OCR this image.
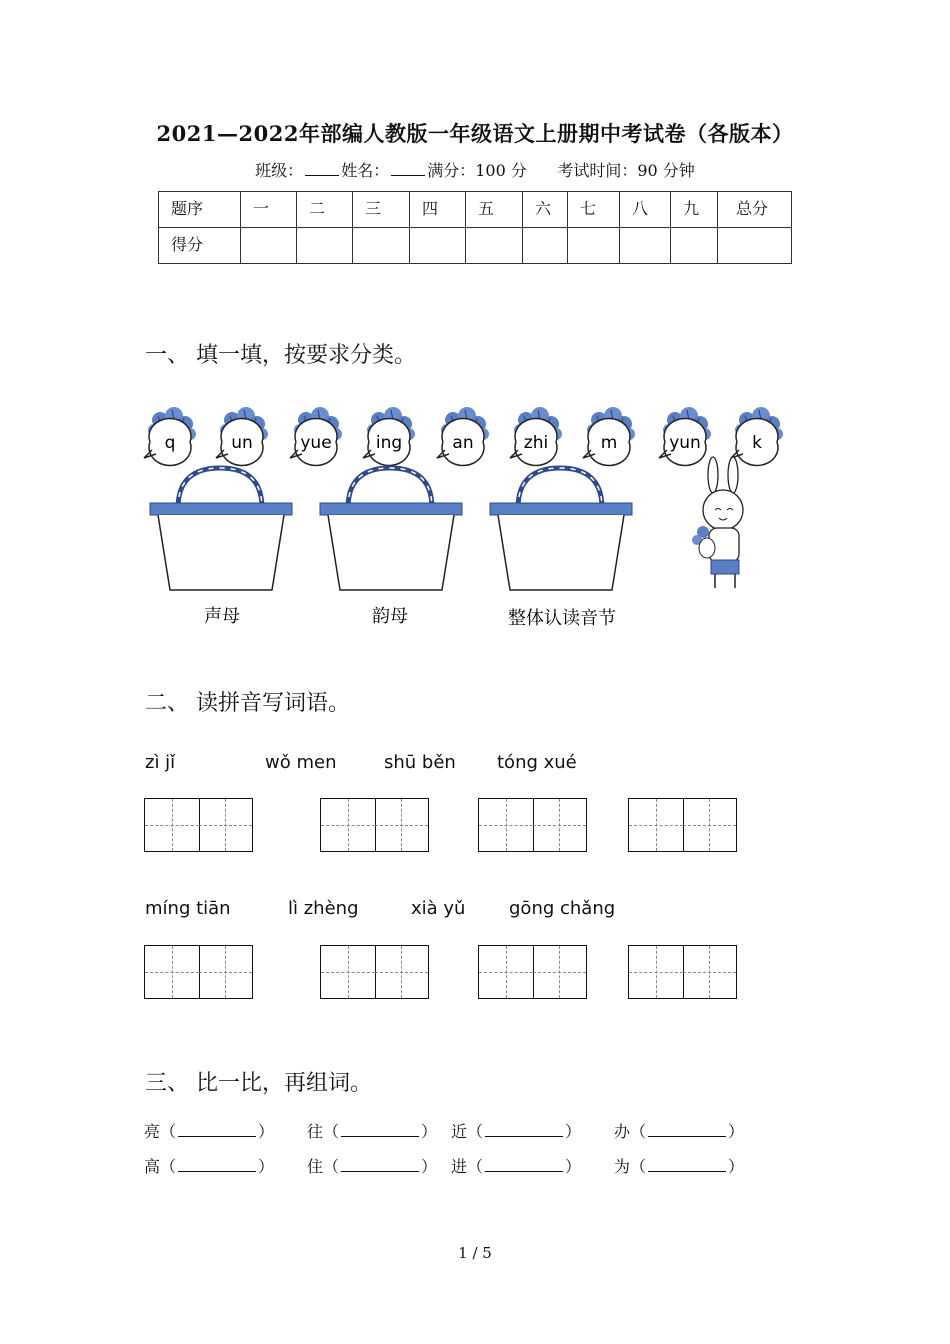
2021—2022年部编人教版一年级语文上册期中考试卷（各版本）
班级： 姓名： 满分：100 分 考试时间：90 分钟
题序	一	二	三	四	五	六	七	八	九	总分
得分										
一、 填一填，按要求分类。
q	un	yue	ing	an	zhi	m	yun	k
声母	韵母	整体认读音节
二、 读拼音写词语。
zì jǐ	wǒ men	shū běn tóng xué
míng tiān	lì zhèng	xià yǔ gōng chǎng
三、 比一比，再组词。
亮（	） 往（	） 近（	） 办（	）
高（	） 住（	） 进（	） 为（	）
1 / 5
